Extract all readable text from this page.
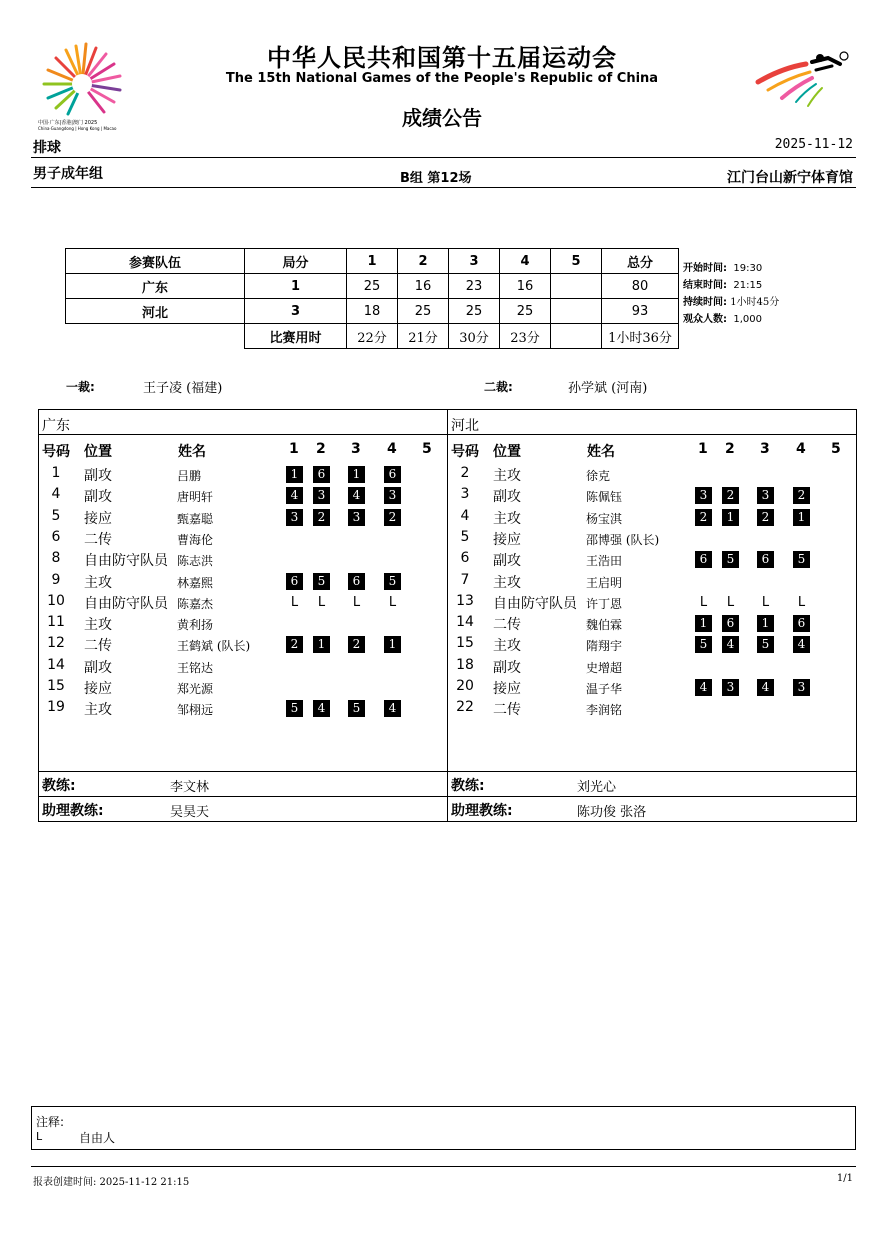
中国·广东|香港|澳门 2025
China·Guangdong | Hong Kong | Macao
中华人民共和国第十五届运动会
The 15th National Games of the People's Republic of China
成绩公告
排球	2025-11-12
男子成年组	B组 第12场	江门台山新宁体育馆
参赛队伍	局分	1	2	3	4	5	总分
广东	1	25	16	23	16		80
河北	3	18	25	25	25		93
	比赛用时	22分	21分	30分	23分		1小时36分
开始时间: 19:30
结束时间: 21:15
持续时间: 1小时45分
观众人数: 1,000
一裁:	王子凌 (福建)	二裁:	孙学斌 (河南)
广东
号码 位置	姓名	1 2 3 4 5
1	副攻	吕鹏	1	6	1	6
4	副攻	唐明轩	4	3	4	3
5	接应	甄嘉聪	3	2	3	2
6	二传	曹海伦
8	自由防守队员 陈志洪
9	主攻	林嘉熙	6	5	6	5
10 自由防守队员 陈嘉杰	L	L	L	L
11 主攻	黄利扬
12 二传	王鹤斌 (队长)	2	1	2	1
14 副攻	王铭达
15 接应	郑光源
19 主攻	邹栩远	5	4	5	4
教练:	李文林
助理教练:	吴昊天
河北
号码 位置	姓名	1 2 3 4 5
2	主攻	徐克
3	副攻	陈佩钰	3	2	3	2
4	主攻	杨宝淇	2	1	2	1
5	接应	邵博强 (队长)
6	副攻	王浩田	6	5	6	5
7	主攻	王启明
13 自由防守队员 许丁恩	L	L	L	L
14 二传	魏伯霖	1	6	1	6
15 主攻	隋翔宇	5	4	5	4
18 副攻	史增超
20 接应	温子华	4	3	4	3
22 二传	李润铭
教练:	刘光心
助理教练:	陈功俊 张洛
注释:
L	自由人
报表创建时间: 2025-11-12 21:15	1/1
